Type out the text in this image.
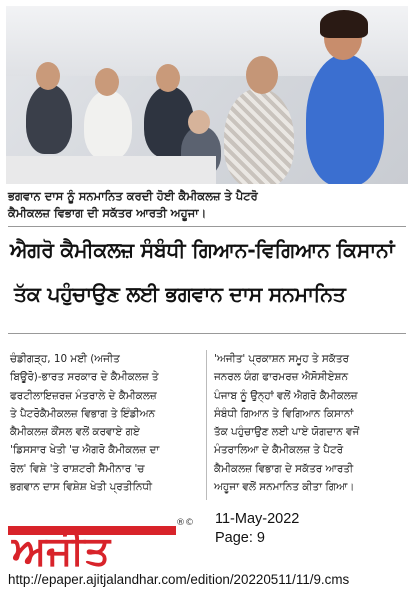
ਭਗਵਾਨ ਦਾਸ ਨੂੰ ਸਨਮਾਨਿਤ ਕਰਦੀ ਹੋਈ ਕੈਮੀਕਲਜ਼ ਤੇ ਪੈਟਰੋ
ਕੈਮੀਕਲਜ਼ ਵਿਭਾਗ ਦੀ ਸਕੱਤਰ ਆਰਤੀ ਅਹੂਜਾ।
ਐਗਰੋ ਕੈਮੀਕਲਜ਼ ਸੰਬੰਧੀ ਗਿਆਨ-ਵਿਗਿਆਨ ਕਿਸਾਨਾਂ
ਤੱਕ ਪਹੁੰਚਾਉਣ ਲਈ ਭਗਵਾਨ ਦਾਸ ਸਨਮਾਨਿਤ
ਚੰਡੀਗੜ੍ਹ, 10 ਮਈ (ਅਜੀਤ
ਬਿਊਰੋ)-ਭਾਰਤ ਸਰਕਾਰ ਦੇ ਕੈਮੀਕਲਜ਼ ਤੇ
ਫਰਟੀਲਾਇਜ਼ਰਜ਼ ਮੰਤਰਾਲੇ ਦੇ ਕੈਮੀਕਲਜ਼
ਤੇ ਪੈਟਰੋਕੈਮੀਕਲਜ਼ ਵਿਭਾਗ ਤੇ ਇੰਡੀਅਨ
ਕੈਮੀਕਲਜ਼ ਕੌਂਸਲ ਵਲੋਂ ਕਰਵਾਏ ਗਏ
'ਡਿਸਸਾਰ ਖੇਤੀ 'ਚ ਐਗਰੋ ਕੈਮੀਕਲਜ਼ ਦਾ
ਰੋਲ' ਵਿਸ਼ੇ 'ਤੇ ਰਾਸ਼ਟਰੀ ਸੈਮੀਨਾਰ 'ਚ
ਭਗਵਾਨ ਦਾਸ ਵਿਸ਼ੇਸ਼ ਖੇਤੀ ਪ੍ਰਤੀਨਿਧੀ
'ਅਜੀਤ' ਪ੍ਰਕਾਸ਼ਨ ਸਮੂਹ ਤੇ ਸਕੱਤਰ
ਜਨਰਲ ਯੰਗ ਫਾਰਮਰਜ਼ ਐਸੋਸੀਏਸ਼ਨ
ਪੰਜਾਬ ਨੂੰ ਉਨ੍ਹਾਂ ਵਲੋਂ ਐਗਰੋ ਕੈਮੀਕਲਜ਼
ਸੰਬੰਧੀ ਗਿਆਨ ਤੇ ਵਿਗਿਆਨ ਕਿਸਾਨਾਂ
ਤੱਕ ਪਹੁੰਚਾਉਣ ਲਈ ਪਾਏ ਯੋਗਦਾਨ ਵਜੋਂ
ਮੰਤਰਾਲਿਆ ਦੇ ਕੈਮੀਕਲਜ਼ ਤੇ ਪੈਟਰੋ
ਕੈਮੀਕਲਜ਼ ਵਿਭਾਗ ਦੇ ਸਕੱਤਰ ਆਰਤੀ
ਅਹੂਜਾ ਵਲੋਂ ਸਨਮਾਨਿਤ ਕੀਤਾ ਗਿਆ।
ਅਜੀਤ
®© 11-May-2022
Page: 9
http://epaper.ajitjalandhar.com/edition/20220511/11/9.cms
